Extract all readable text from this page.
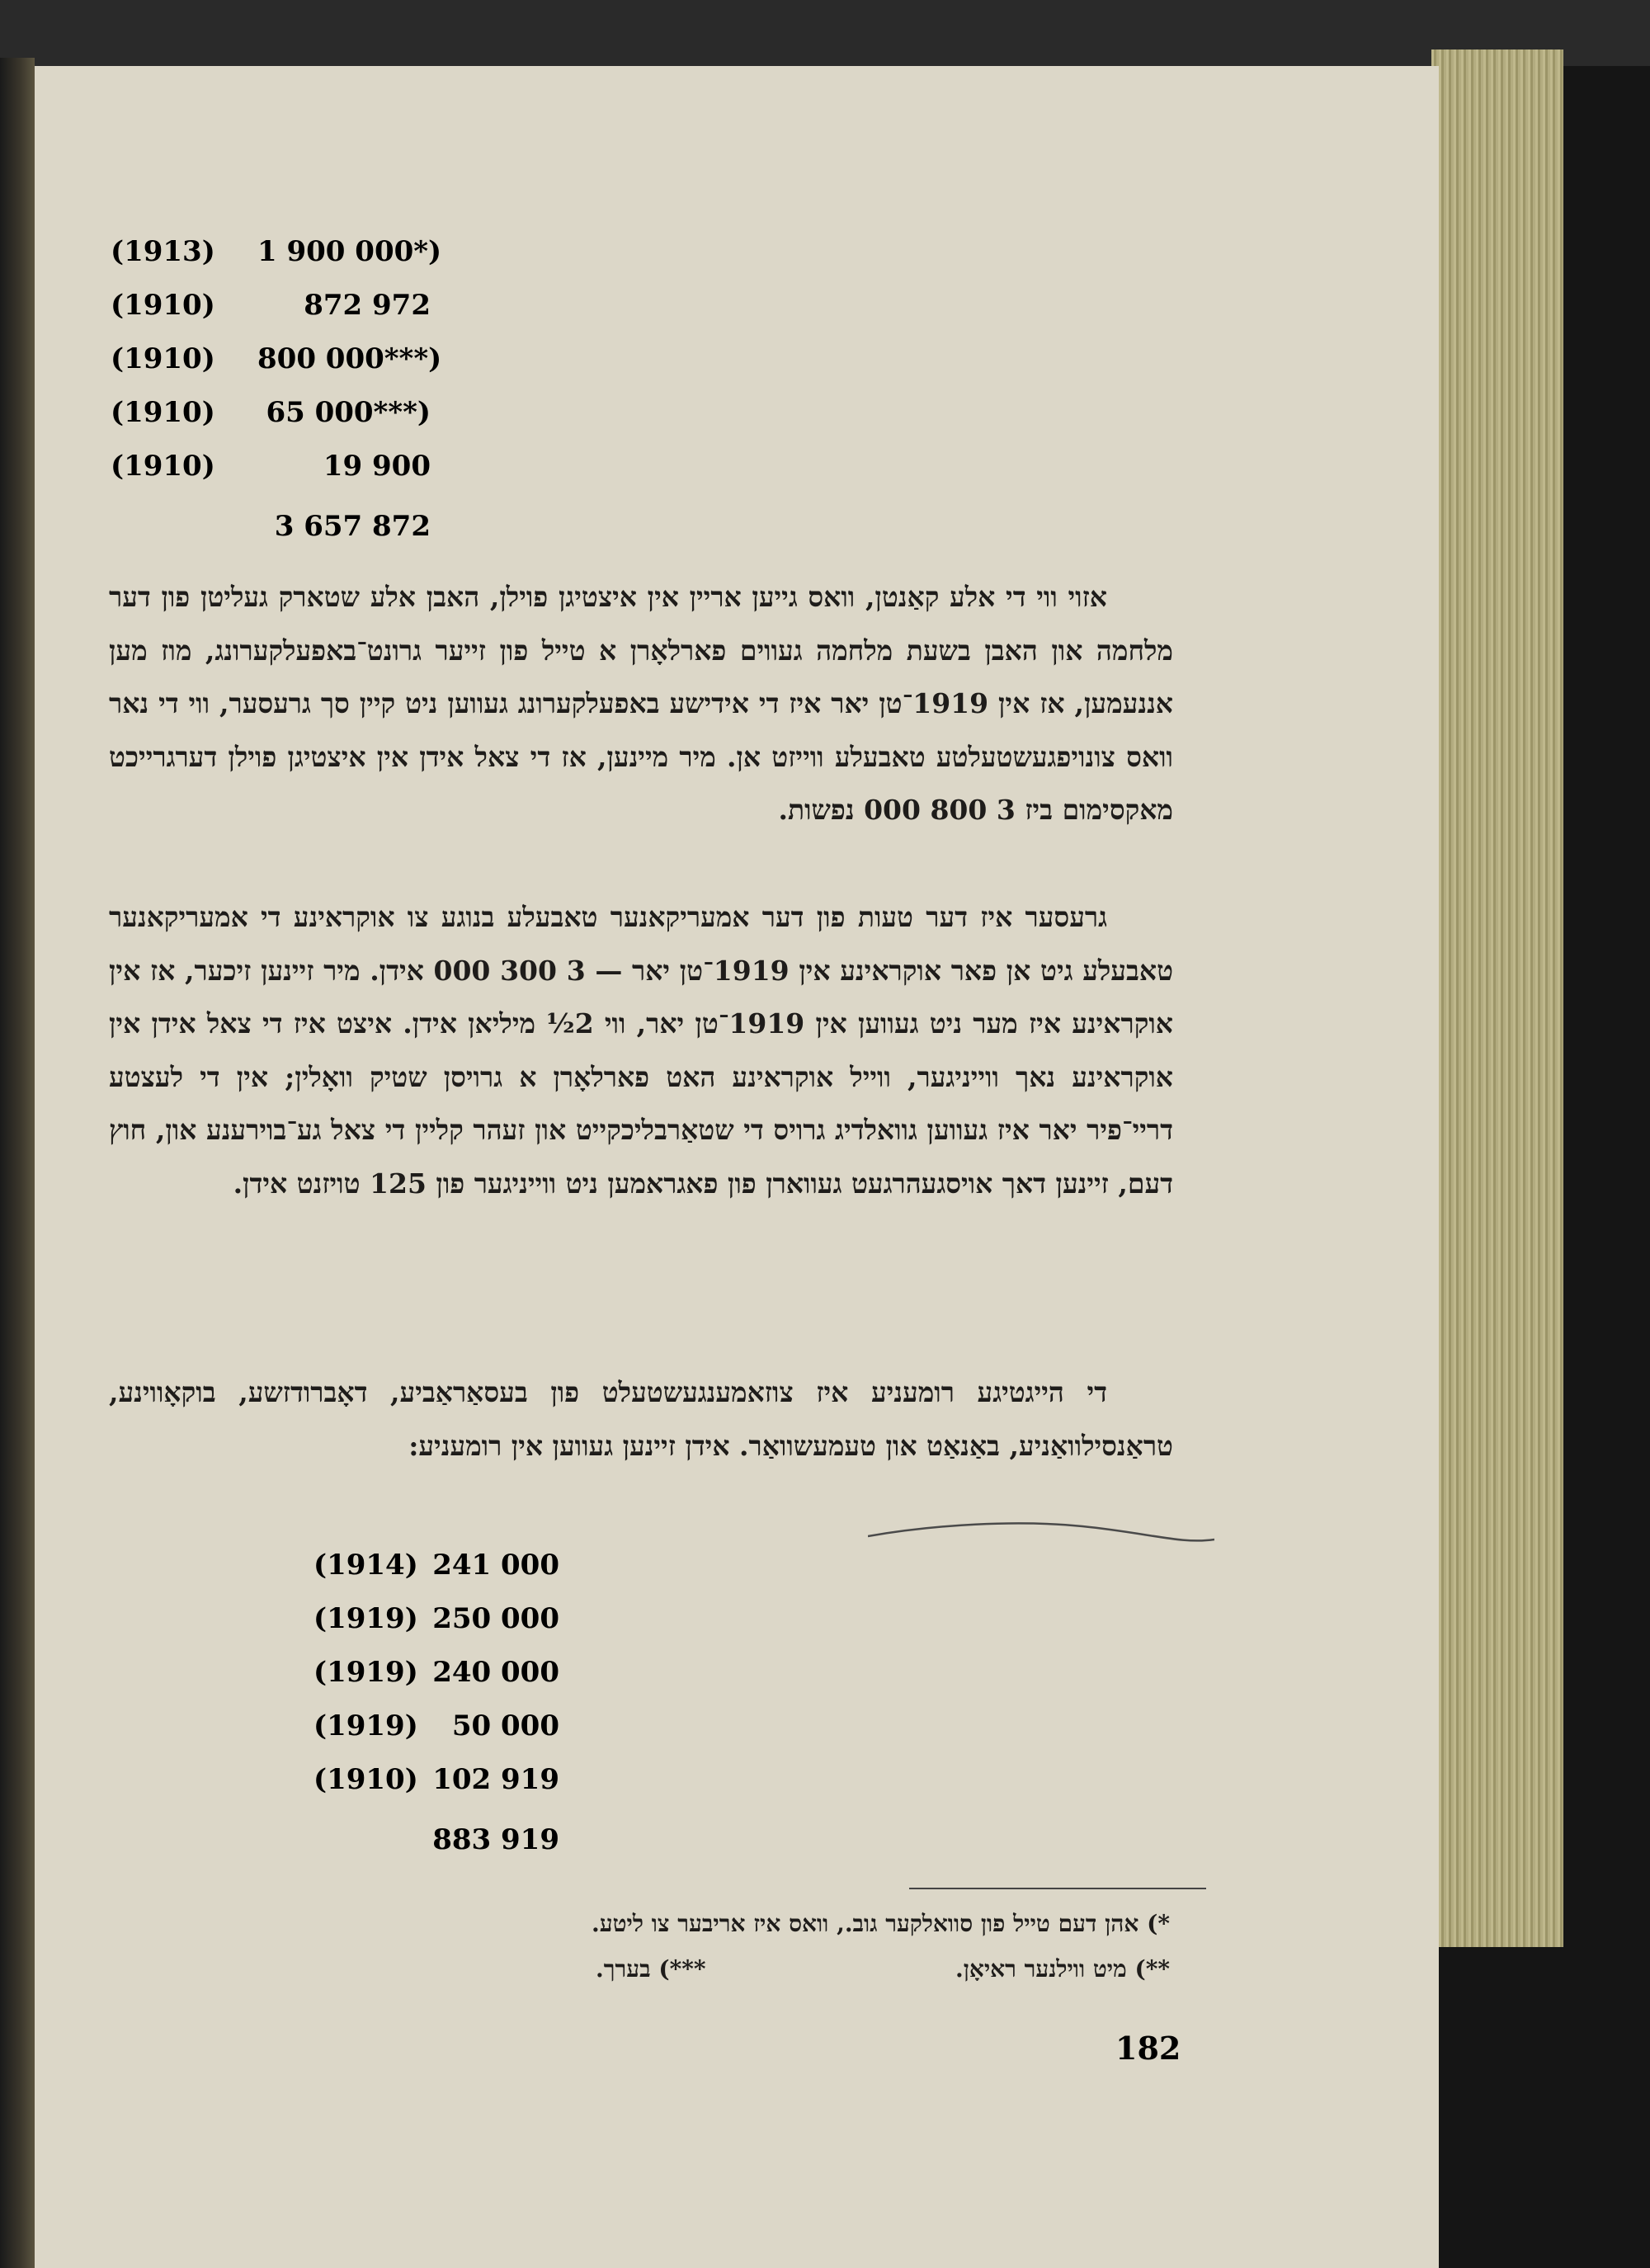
1 900 000*)
(1913)
872 972
(1910)
800 000***)
(1910)
65 000***)
(1910)
19 900
(1910)
3 657 872
אזוי ווי די אלע קאַנטן, וואס גייען אריין אין איצטיגן פוילן, האבן אלע שטארק געליטן פון דער מלחמה און האבן בשעת מלחמה געווים פארלאָרן א טייל פון זייער גרונט־באפעלקערונג, מוז מען אננעמען, אז אין 1919־טן יאר איז די אידישע באפעלקערונג געווען ניט קיין סך גרעסער, ווי די נאר וואס צונויפגעשטעלטע טאבעלע ווייזט אן. מיר מיינען, אז די צאל אידן אין איצטיגן פוילן דערגרייכט מאקסימום ביז 3 800 000 נפשות.
גרעסער איז דער טעות פון דער אמעריקאנער טאבעלע בנוגע צו אוקראינע די אמעריקאנער טאבעלע גיט אן פאר אוקראינע אין 1919־טן יאר — 3 300 000 אידן. מיר זיינען זיכער, אז אין אוקראינע איז מער ניט געווען אין 1919־טן יאר, ווי 2½ מיליאן אידן. איצט איז די צאל אידן אין אוקראינע נאך ווייניגער, ווייל אוקראינע האט פארלאָרן א גרויסן שטיק וואָלין; אין די לעצטע דריי־פיר יאר איז געווען גוואלדיג גרויס די שטאַרבליכקייט און זעהר קליין די צאל גע־בוירענע און, חוץ דעם, זיינען דאך אויסגעהרגעט געווארן פון פאגראמען ניט ווייניגער פון 125 טויזנט אידן.
די הייגטיגע רומעניע איז צוזאמענגעשטעלט פון בעסאַראַביע, דאָברודזשע, בוקאָווינע, טראַנסילוואַניע, באַנאַט און טעמעשוואַר. אידן זיינען געווען אין רומעניע:
241 000
(1914)
250 000
(1919)
240 000
(1919)
50 000
(1919)
102 919
(1910)
883 919
*) אהן דעם טייל פון סוואלקער גוב., וואס איז אריבער צו ליטע.
**) מיט ווילנער ראיאָן.
***) בערך.
182
